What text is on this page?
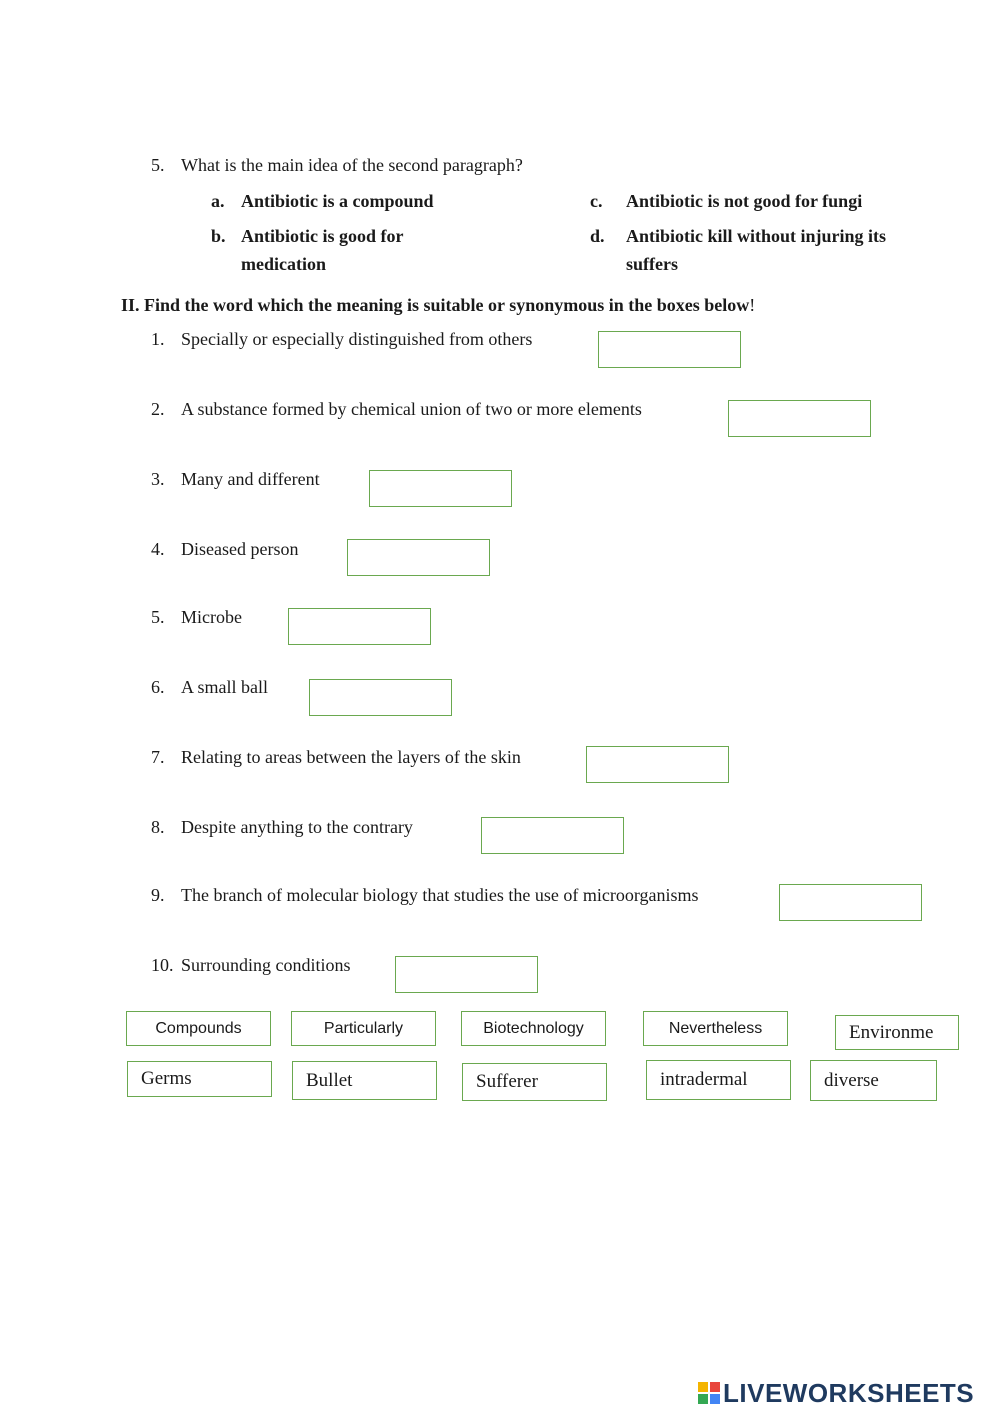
5. What is the main idea of the second paragraph?
a. Antibiotic is a compound	c. Antibiotic is not good for fungi
b. Antibiotic is good for
medication
d. Antibiotic kill without injuring its
suffers
II. Find the word which the meaning is suitable or synonymous in the boxes below!
1. Specially or especially distinguished from others
2. A substance formed by chemical union of two or more elements
3. Many and different
4. Diseased person
5. Microbe
6. A small ball
7. Relating to areas between the layers of the skin
8. Despite anything to the contrary
9. The branch of molecular biology that studies the use of microorganisms
10. Surrounding conditions
Compounds	Particularly	Biotechnology	Nevertheless	Environme
Germs	Bullet	Sufferer	intradermal	diverse
LIVEWORKSHEETS
